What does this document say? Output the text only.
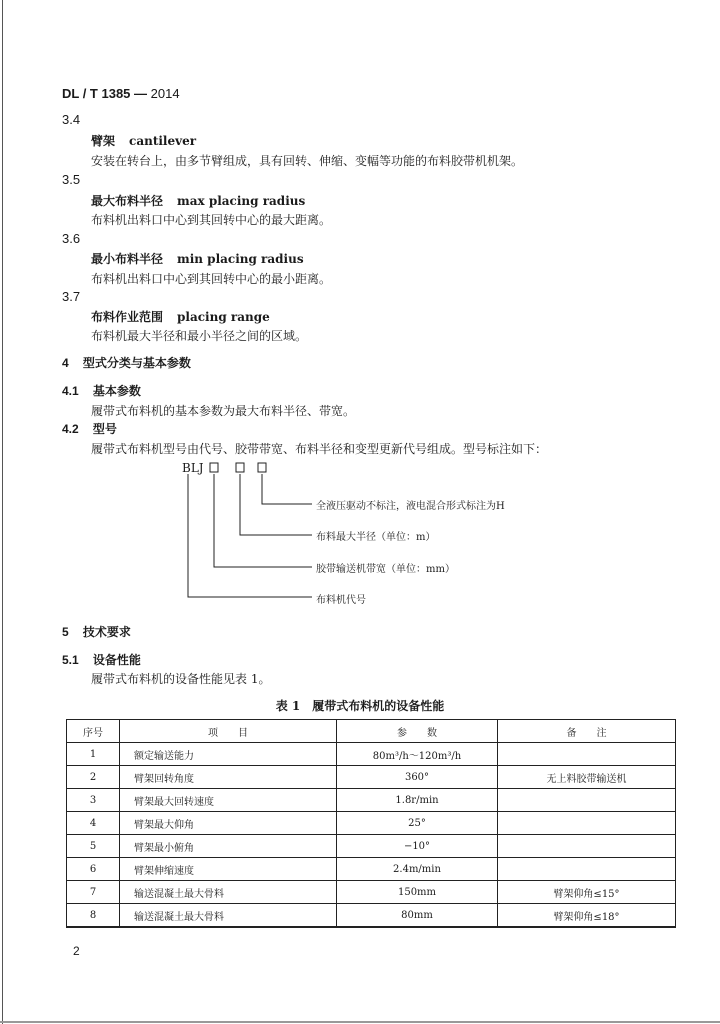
DL / T 1385 — 2014
3.4
臂架 cantilever
安装在转台上，由多节臂组成，具有回转、伸缩、变幅等功能的布料胶带机机架。
3.5
最大布料半径 max placing radius
布料机出料口中心到其回转中心的最大距离。
3.6
最小布料半径 min placing radius
布料机出料口中心到其回转中心的最小距离。
3.7
布料作业范围 placing range
布料机最大半径和最小半径之间的区域。
4 型式分类与基本参数
4.1 基本参数
履带式布料机的基本参数为最大布料半径、带宽。
4.2 型号
履带式布料机型号由代号、胶带带宽、布料半径和变型更新代号组成。型号标注如下：
BLJ
全液压驱动不标注，液电混合形式标注为H
布料最大半径（单位：m）
胶带输送机带宽（单位：mm）
布料机代号
5 技术要求
5.1 设备性能
履带式布料机的设备性能见表 1。
表 1　履带式布料机的设备性能
序号	项　　目	参　　数	备　　注
1	额定输送能力	80m³/h～120m³/h	
2	臂架回转角度	360°	无上料胶带输送机
3	臂架最大回转速度	1.8r/min	
4	臂架最大仰角	25°	
5	臂架最小俯角	−10°	
6	臂架伸缩速度	2.4m/min	
7	输送混凝土最大骨料	150mm	臂架仰角≤15°
8	输送混凝土最大骨料	80mm	臂架仰角≤18°
2
